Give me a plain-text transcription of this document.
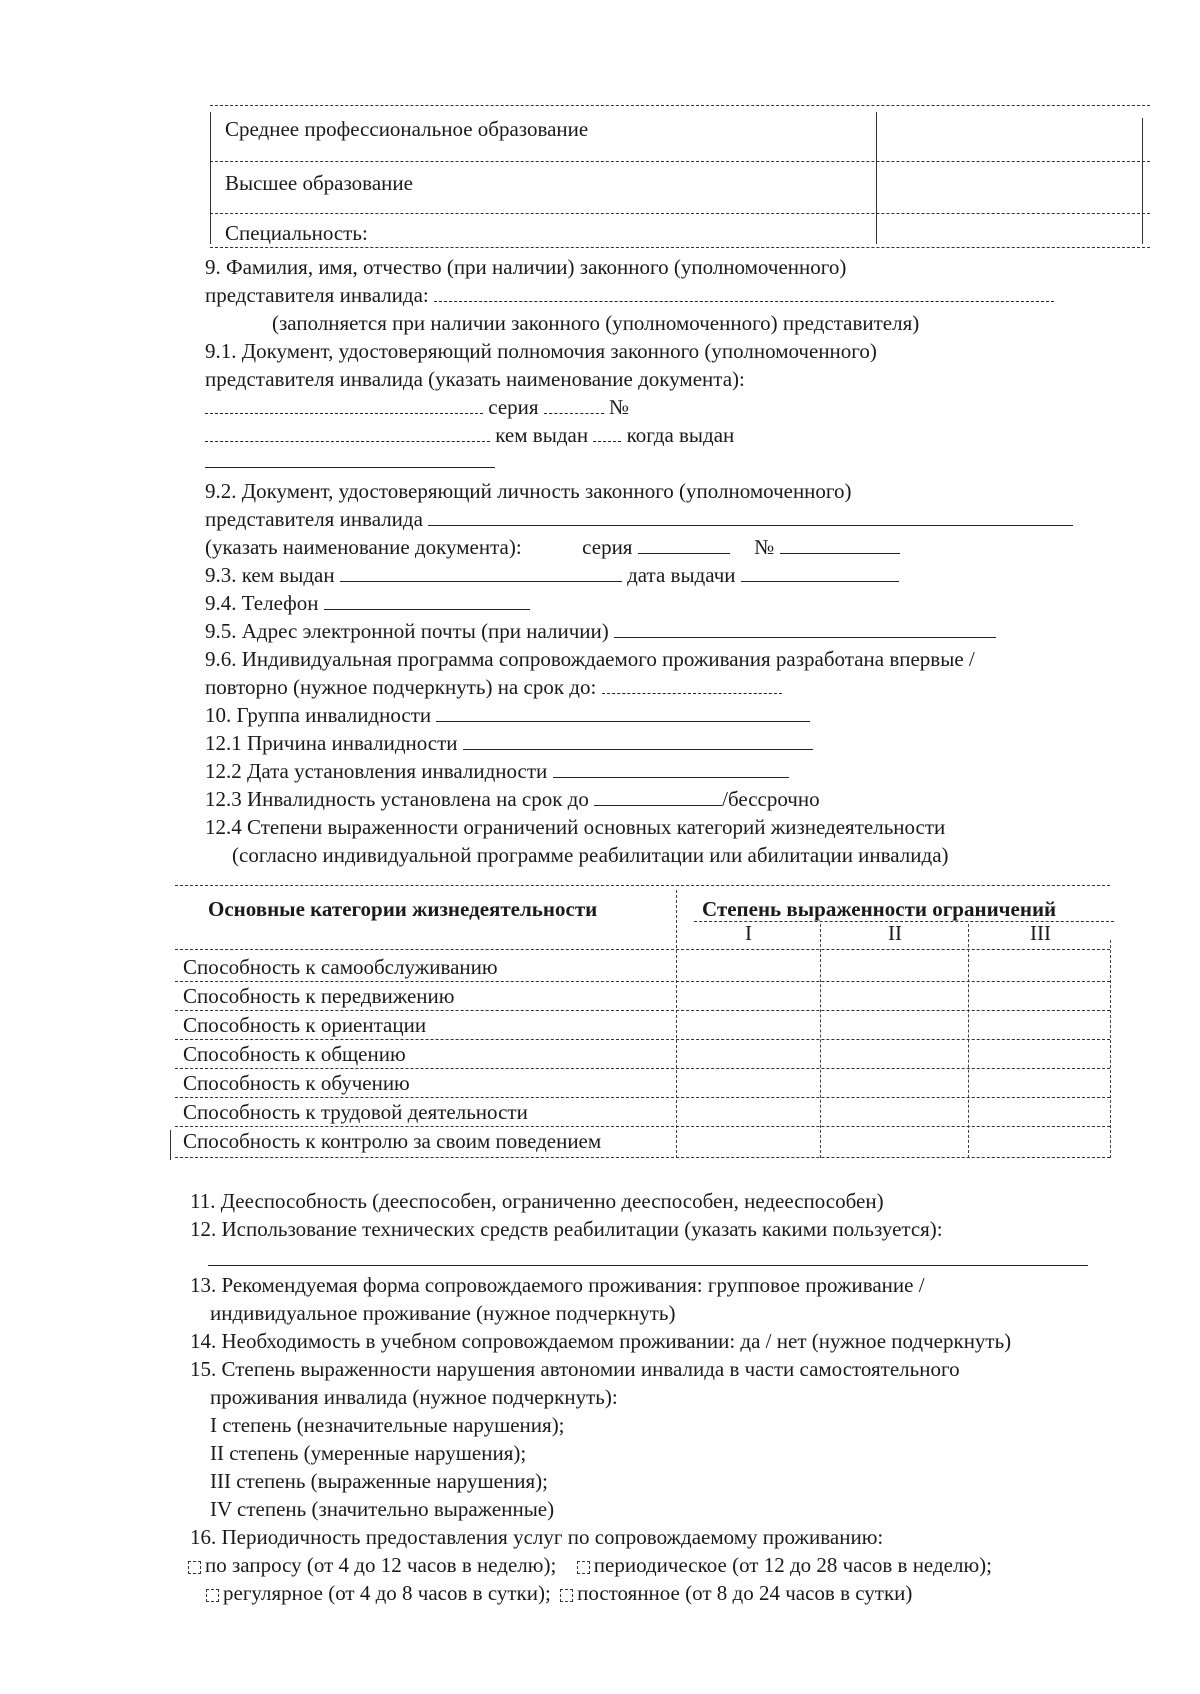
Среднее профессиональное образование
Высшее образование
Специальность:
9. Фамилия, имя, отчество (при наличии) законного (уполномоченного)
представителя инвалида:
(заполняется при наличии законного (уполномоченного) представителя)
9.1. Документ, удостоверяющий полномочия законного (уполномоченного)
представителя инвалида (указать наименование документа):
серия	№
кем выдан когда выдан
9.2. Документ, удостоверяющий личность законного (уполномоченного)
представителя инвалида
(указать наименование документа):	серия	№
9.3. кем выдан	дата выдачи
9.4. Телефон
9.5. Адрес электронной почты (при наличии)
9.6. Индивидуальная программа сопровождаемого проживания разработана впервые /
повторно (нужное подчеркнуть) на срок до:
10. Группа инвалидности
12.1 Причина инвалидности
12.2 Дата установления инвалидности
12.3 Инвалидность установлена на срок до	/бессрочно
12.4 Степени выраженности ограничений основных категорий жизнедеятельности
(согласно индивидуальной программе реабилитации или абилитации инвалида)
Основные категории жизнедеятельности	Степень выраженности ограничений
I	II	III
Способность к самообслуживанию
Способность к передвижению
Способность к ориентации
Способность к общению
Способность к обучению
Способность к трудовой деятельности
Способность к контролю за своим поведением
11. Дееспособность (дееспособен, ограниченно дееспособен, недееспособен)
12. Использование технических средств реабилитации (указать какими пользуется):
13. Рекомендуемая форма сопровождаемого проживания: групповое проживание /
индивидуальное проживание (нужное подчеркнуть)
14. Необходимость в учебном сопровождаемом проживании: да / нет (нужное подчеркнуть)
15. Степень выраженности нарушения автономии инвалида в части самостоятельного
проживания инвалида (нужное подчеркнуть):
I степень (незначительные нарушения);
II степень (умеренные нарушения);
III степень (выраженные нарушения);
IV степень (значительно выраженные)
16. Периодичность предоставления услуг по сопровождаемому проживанию:
по запросу (от 4 до 12 часов в неделю); периодическое (от 12 до 28 часов в неделю);
регулярное (от 4 до 8 часов в сутки); постоянное (от 8 до 24 часов в сутки)
